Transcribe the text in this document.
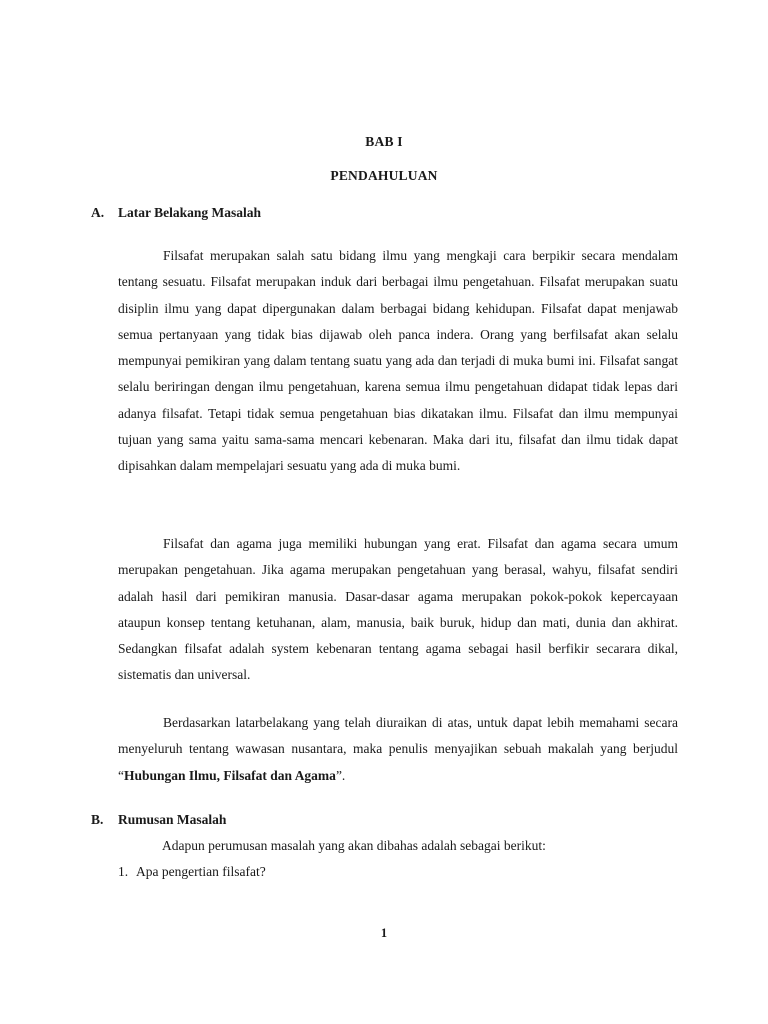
BAB I
PENDAHULUAN
A. Latar Belakang Masalah

Filsafat merupakan salah satu bidang ilmu yang mengkaji cara berpikir secara mendalam tentang sesuatu. Filsafat merupakan induk dari berbagai ilmu pengetahuan. Filsafat merupakan suatu disiplin ilmu yang dapat dipergunakan dalam berbagai bidang kehidupan. Filsafat dapat menjawab semua pertanyaan yang tidak bias dijawab oleh panca indera. Orang yang berfilsafat akan selalu mempunyai pemikiran yang dalam tentang suatu yang ada dan terjadi di muka bumi ini. Filsafat sangat selalu beriringan dengan ilmu pengetahuan, karena semua ilmu pengetahuan didapat tidak lepas dari adanya filsafat. Tetapi tidak semua pengetahuan bias dikatakan ilmu. Filsafat dan ilmu mempunyai tujuan yang sama yaitu sama-sama mencari kebenaran. Maka dari itu, filsafat dan ilmu tidak dapat dipisahkan dalam mempelajari sesuatu yang ada di muka bumi.

Filsafat dan agama juga memiliki hubungan yang erat. Filsafat dan agama secara umum merupakan pengetahuan. Jika agama merupakan pengetahuan yang berasal, wahyu, filsafat sendiri adalah hasil dari pemikiran manusia. Dasar-dasar agama merupakan pokok-pokok kepercayaan ataupun konsep tentang ketuhanan, alam, manusia, baik buruk, hidup dan mati, dunia dan akhirat. Sedangkan filsafat adalah system kebenaran tentang agama sebagai hasil berfikir secarara dikal, sistematis dan universal.

Berdasarkan latarbelakang yang telah diuraikan di atas, untuk dapat lebih memahami secara menyeluruh tentang wawasan nusantara, maka penulis menyajikan sebuah makalah yang berjudul “Hubungan Ilmu, Filsafat dan Agama”.

B. Rumusan Masalah
Adapun perumusan masalah yang akan dibahas adalah sebagai berikut:
1. Apa pengertian filsafat?
1
